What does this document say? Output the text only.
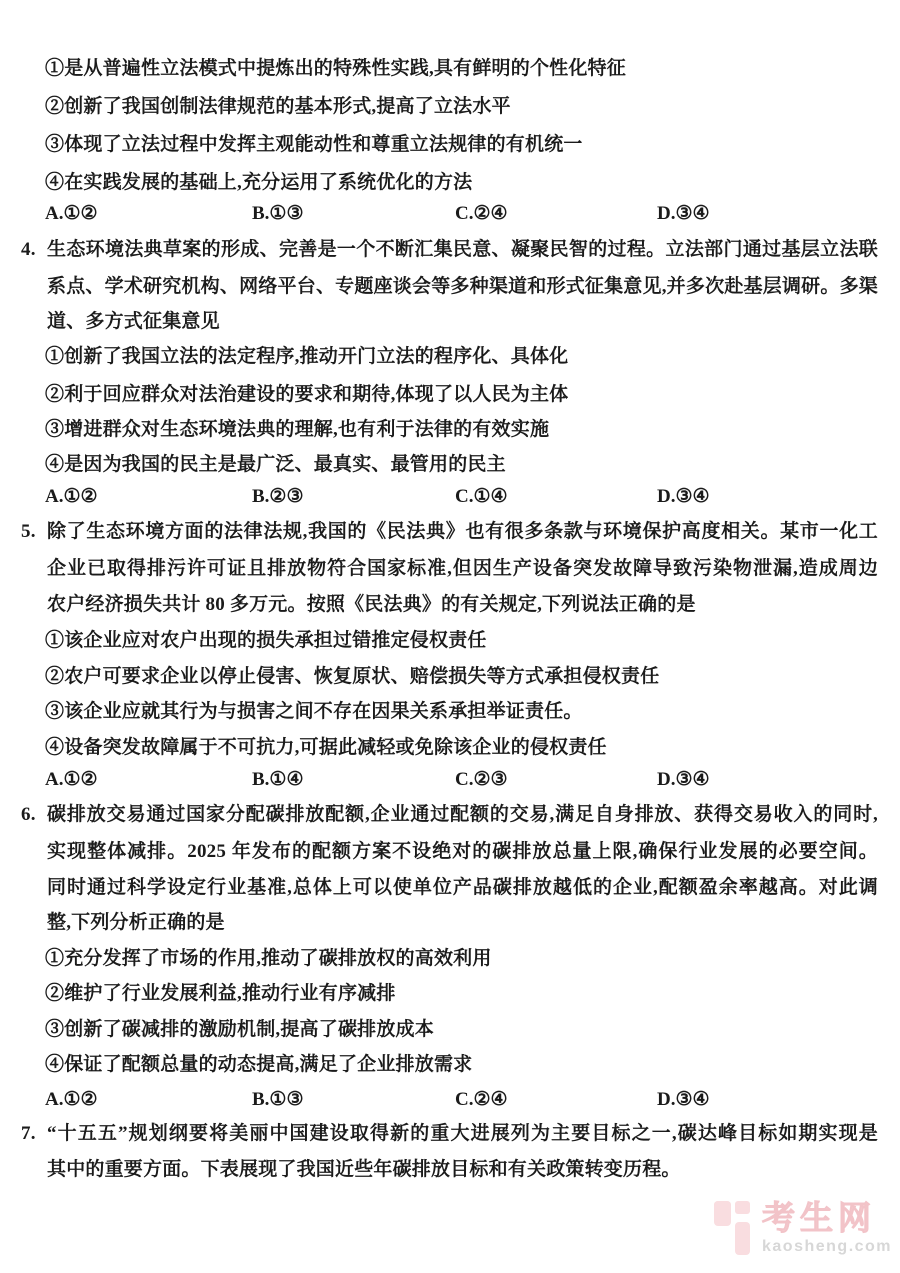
①是从普遍性立法模式中提炼出的特殊性实践,具有鲜明的个性化特征
②创新了我国创制法律规范的基本形式,提高了立法水平
③体现了立法过程中发挥主观能动性和尊重立法规律的有机统一
④在实践发展的基础上,充分运用了系统优化的方法
A.①②	B.①③	C.②④	D.③④
4. 生态环境法典草案的形成、完善是一个不断汇集民意、凝聚民智的过程。立法部门通过基层立法联
系点、学术研究机构、网络平台、专题座谈会等多种渠道和形式征集意见,并多次赴基层调研。多渠
道、多方式征集意见
①创新了我国立法的法定程序,推动开门立法的程序化、具体化
②利于回应群众对法治建设的要求和期待,体现了以人民为主体
③增进群众对生态环境法典的理解,也有利于法律的有效实施
④是因为我国的民主是最广泛、最真实、最管用的民主
A.①②	B.②③	C.①④	D.③④
5. 除了生态环境方面的法律法规,我国的《民法典》也有很多条款与环境保护高度相关。某市一化工
企业已取得排污许可证且排放物符合国家标准,但因生产设备突发故障导致污染物泄漏,造成周边
农户经济损失共计 80 多万元。按照《民法典》的有关规定,下列说法正确的是
①该企业应对农户出现的损失承担过错推定侵权责任
②农户可要求企业以停止侵害、恢复原状、赔偿损失等方式承担侵权责任
③该企业应就其行为与损害之间不存在因果关系承担举证责任。
④设备突发故障属于不可抗力,可据此减轻或免除该企业的侵权责任
A.①②	B.①④	C.②③	D.③④
6. 碳排放交易通过国家分配碳排放配额,企业通过配额的交易,满足自身排放、获得交易收入的同时,
实现整体减排。2025 年发布的配额方案不设绝对的碳排放总量上限,确保行业发展的必要空间。
同时通过科学设定行业基准,总体上可以使单位产品碳排放越低的企业,配额盈余率越高。对此调
整,下列分析正确的是
①充分发挥了市场的作用,推动了碳排放权的高效利用
②维护了行业发展利益,推动行业有序减排
③创新了碳减排的激励机制,提高了碳排放成本
④保证了配额总量的动态提高,满足了企业排放需求
A.①②	B.①③	C.②④	D.③④
7. “十五五”规划纲要将美丽中国建设取得新的重大进展列为主要目标之一,碳达峰目标如期实现是
其中的重要方面。下表展现了我国近些年碳排放目标和有关政策转变历程。
考生网
kaosheng.com
